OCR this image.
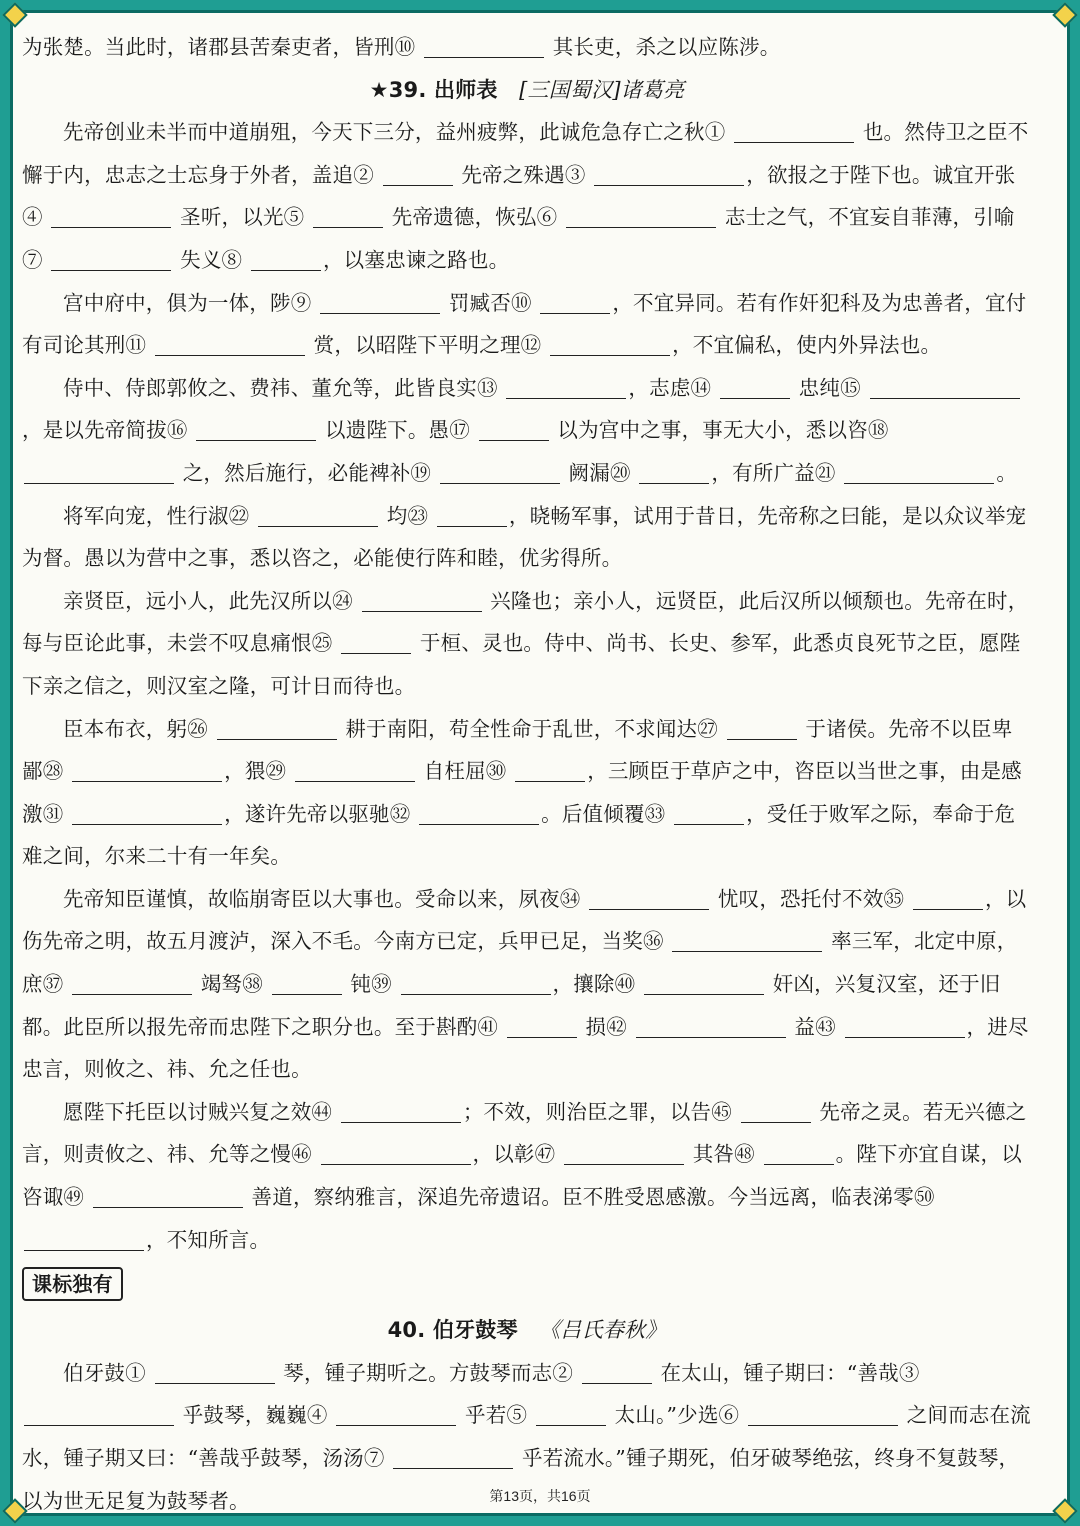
为张楚。当此时，诸郡县苦秦吏者，皆刑⑩	其长吏，杀之以应陈涉。

★39. 出师表 [三国蜀汉]诸葛亮

先帝创业未半而中道崩殂，今天下三分，益州疲弊，此诚危急存亡之秋①	也。然侍卫之臣不懈于内，忠志之士忘身于外者，盖追②	先帝之殊遇③	，欲报之于陛下也。诚宜开张④	圣听，以光⑤	先帝遗德，恢弘⑥	志士之气，不宜妄自菲薄，引喻⑦	失义⑧	，以塞忠谏之路也。

宫中府中，俱为一体，陟⑨	罚臧否⑩	，不宜异同。若有作奸犯科及为忠善者，宜付有司论其刑⑪	赏，以昭陛下平明之理⑫	，不宜偏私，使内外异法也。

侍中、侍郎郭攸之、费祎、董允等，此皆良实⑬	，志虑⑭	忠纯⑮ ，是以先帝简拔⑯	以遗陛下。愚⑰	以为宫中之事，事无大小，悉以咨⑱  之，然后施行，必能裨补⑲	阙漏⑳	，有所广益㉑	。

将军向宠，性行淑㉒	均㉓	，晓畅军事，试用于昔日，先帝称之曰能，是以众议举宠为督。愚以为营中之事，悉以咨之，必能使行阵和睦，优劣得所。

亲贤臣，远小人，此先汉所以㉔	兴隆也；亲小人，远贤臣，此后汉所以倾颓也。先帝在时，每与臣论此事，未尝不叹息痛恨㉕	于桓、灵也。侍中、尚书、长史、参军，此悉贞良死节之臣，愿陛下亲之信之，则汉室之隆，可计日而待也。

臣本布衣，躬㉖	耕于南阳，苟全性命于乱世，不求闻达㉗	于诸侯。先帝不以臣卑鄙㉘	，猥㉙	自枉屈㉚	，三顾臣于草庐之中，咨臣以当世之事，由是感激㉛	，遂许先帝以驱驰㉜	。后值倾覆㉝	，受任于败军之际，奉命于危难之间，尔来二十有一年矣。

先帝知臣谨慎，故临崩寄臣以大事也。受命以来，夙夜㉞	忧叹，恐托付不效㉟	，以伤先帝之明，故五月渡泸，深入不毛。今南方已定，兵甲已足，当奖㊱	率三军，北定中原，庶㊲	竭驽㊳	钝㊴	，攘除㊵	奸凶，兴复汉室，还于旧都。此臣所以报先帝而忠陛下之职分也。至于斟酌㊶	损㊷	益㊸	，进尽忠言，则攸之、祎、允之任也。

愿陛下托臣以讨贼兴复之效㊹	；不效，则治臣之罪，以告㊺	先帝之灵。若无兴德之言，则责攸之、祎、允等之慢㊻	，以彰㊼	其咎㊽	。陛下亦宜自谋，以咨诹㊾	善道，察纳雅言，深追先帝遗诏。臣不胜受恩感激。今当远离，临表涕零㊿ ，不知所言。

课标独有
40. 伯牙鼓琴 《吕氏春秋》

伯牙鼓①	琴，锺子期听之。方鼓琴而志②	在太山，锺子期曰：“善哉③  乎鼓琴，巍巍④	乎若⑤	太山。”少选⑥	之间而志在流水，锺子期又曰：“善哉乎鼓琴，汤汤⑦	乎若流水。”锺子期死，伯牙破琴绝弦，终身不复鼓琴，以为世无足复为鼓琴者。	第13页，共16页
